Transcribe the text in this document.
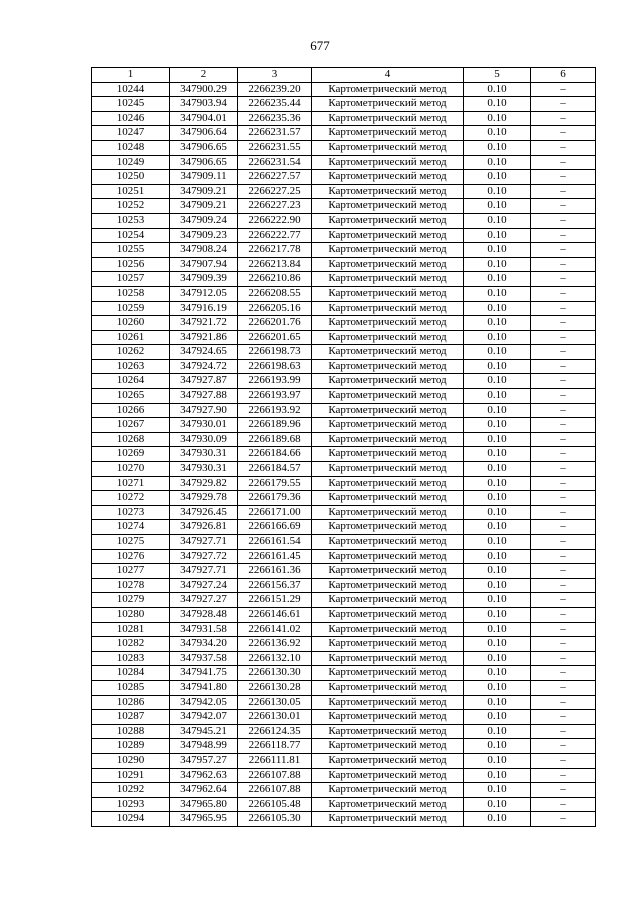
677
1	2	3	4	5	6
10244	347900.29	2266239.20	Картометрический метод	0.10	–
10245	347903.94	2266235.44	Картометрический метод	0.10	–
10246	347904.01	2266235.36	Картометрический метод	0.10	–
10247	347906.64	2266231.57	Картометрический метод	0.10	–
10248	347906.65	2266231.55	Картометрический метод	0.10	–
10249	347906.65	2266231.54	Картометрический метод	0.10	–
10250	347909.11	2266227.57	Картометрический метод	0.10	–
10251	347909.21	2266227.25	Картометрический метод	0.10	–
10252	347909.21	2266227.23	Картометрический метод	0.10	–
10253	347909.24	2266222.90	Картометрический метод	0.10	–
10254	347909.23	2266222.77	Картометрический метод	0.10	–
10255	347908.24	2266217.78	Картометрический метод	0.10	–
10256	347907.94	2266213.84	Картометрический метод	0.10	–
10257	347909.39	2266210.86	Картометрический метод	0.10	–
10258	347912.05	2266208.55	Картометрический метод	0.10	–
10259	347916.19	2266205.16	Картометрический метод	0.10	–
10260	347921.72	2266201.76	Картометрический метод	0.10	–
10261	347921.86	2266201.65	Картометрический метод	0.10	–
10262	347924.65	2266198.73	Картометрический метод	0.10	–
10263	347924.72	2266198.63	Картометрический метод	0.10	–
10264	347927.87	2266193.99	Картометрический метод	0.10	–
10265	347927.88	2266193.97	Картометрический метод	0.10	–
10266	347927.90	2266193.92	Картометрический метод	0.10	–
10267	347930.01	2266189.96	Картометрический метод	0.10	–
10268	347930.09	2266189.68	Картометрический метод	0.10	–
10269	347930.31	2266184.66	Картометрический метод	0.10	–
10270	347930.31	2266184.57	Картометрический метод	0.10	–
10271	347929.82	2266179.55	Картометрический метод	0.10	–
10272	347929.78	2266179.36	Картометрический метод	0.10	–
10273	347926.45	2266171.00	Картометрический метод	0.10	–
10274	347926.81	2266166.69	Картометрический метод	0.10	–
10275	347927.71	2266161.54	Картометрический метод	0.10	–
10276	347927.72	2266161.45	Картометрический метод	0.10	–
10277	347927.71	2266161.36	Картометрический метод	0.10	–
10278	347927.24	2266156.37	Картометрический метод	0.10	–
10279	347927.27	2266151.29	Картометрический метод	0.10	–
10280	347928.48	2266146.61	Картометрический метод	0.10	–
10281	347931.58	2266141.02	Картометрический метод	0.10	–
10282	347934.20	2266136.92	Картометрический метод	0.10	–
10283	347937.58	2266132.10	Картометрический метод	0.10	–
10284	347941.75	2266130.30	Картометрический метод	0.10	–
10285	347941.80	2266130.28	Картометрический метод	0.10	–
10286	347942.05	2266130.05	Картометрический метод	0.10	–
10287	347942.07	2266130.01	Картометрический метод	0.10	–
10288	347945.21	2266124.35	Картометрический метод	0.10	–
10289	347948.99	2266118.77	Картометрический метод	0.10	–
10290	347957.27	2266111.81	Картометрический метод	0.10	–
10291	347962.63	2266107.88	Картометрический метод	0.10	–
10292	347962.64	2266107.88	Картометрический метод	0.10	–
10293	347965.80	2266105.48	Картометрический метод	0.10	–
10294	347965.95	2266105.30	Картометрический метод	0.10	–
